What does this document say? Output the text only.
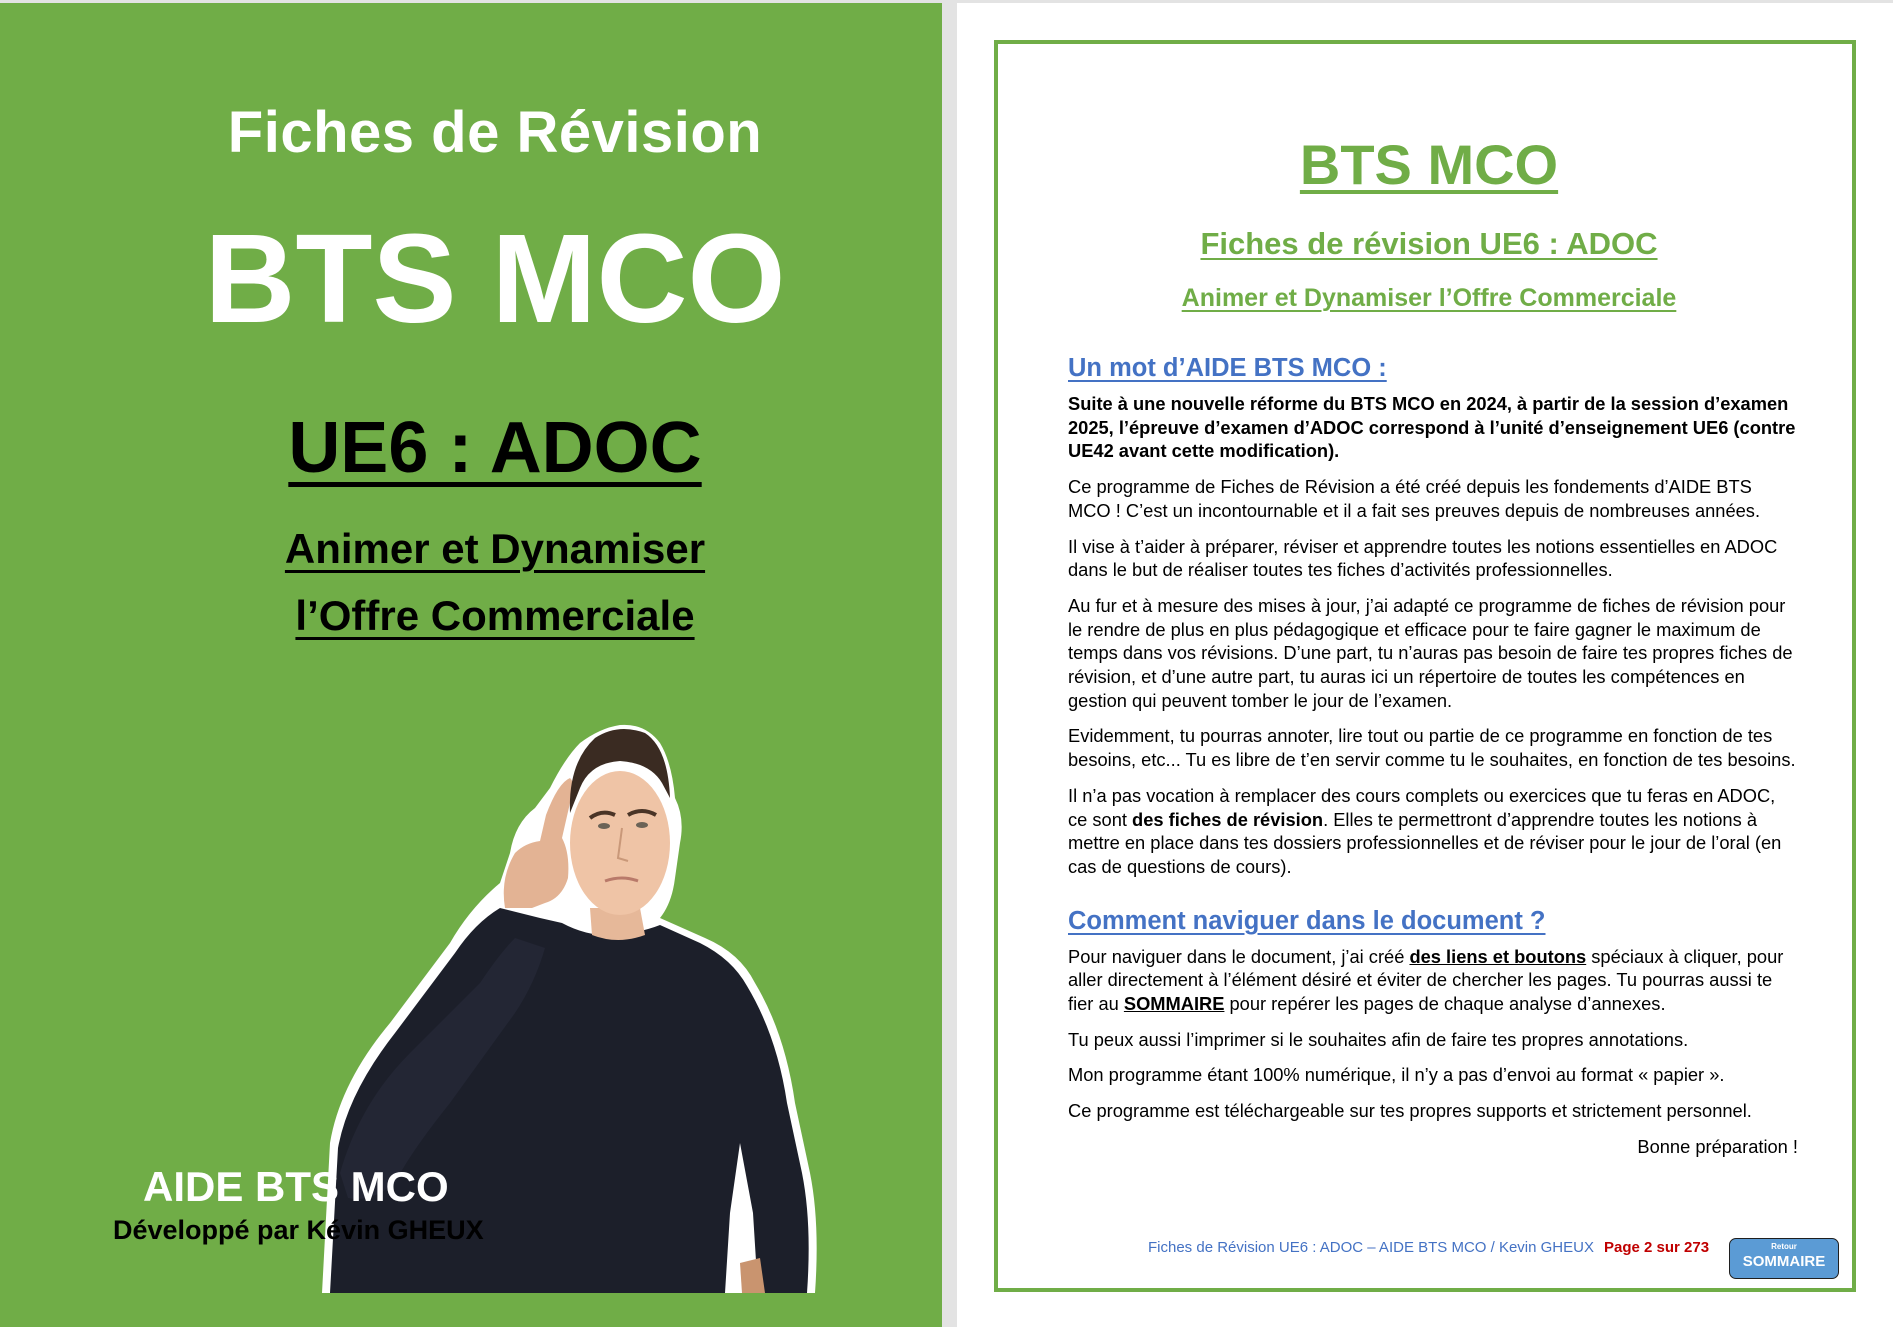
Fiches de Révision
BTS MCO
UE6 : ADOC
Animer et Dynamiser
l’Offre Commerciale
AIDE BTS MCO
Développé par Kévin GHEUX
BTS MCO
Fiches de révision UE6 : ADOC
Animer et Dynamiser l’Offre Commerciale
Un mot d’AIDE BTS MCO :

Suite à une nouvelle réforme du BTS MCO en 2024, à partir de la session d’examen 2025, l’épreuve d’examen d’ADOC correspond à l’unité d’enseignement UE6 (contre UE42 avant cette modification).

Ce programme de Fiches de Révision a été créé depuis les fondements d’AIDE BTS MCO ! C’est un incontournable et il a fait ses preuves depuis de nombreuses années.

Il vise à t’aider à préparer, réviser et apprendre toutes les notions essentielles en ADOC dans le but de réaliser toutes tes fiches d’activités professionnelles.

Au fur et à mesure des mises à jour, j’ai adapté ce programme de fiches de révision pour le rendre de plus en plus pédagogique et efficace pour te faire gagner le maximum de temps dans vos révisions. D’une part, tu n’auras pas besoin de faire tes propres fiches de révision, et d’une autre part, tu auras ici un répertoire de toutes les compétences en gestion qui peuvent tomber le jour de l’examen.

Evidemment, tu pourras annoter, lire tout ou partie de ce programme en fonction de tes besoins, etc... Tu es libre de t’en servir comme tu le souhaites, en fonction de tes besoins.

Il n’a pas vocation à remplacer des cours complets ou exercices que tu feras en ADOC, ce sont des fiches de révision. Elles te permettront d’apprendre toutes les notions à mettre en place dans tes dossiers professionnelles et de réviser pour le jour de l’oral (en cas de questions de cours).

Comment naviguer dans le document ?

Pour naviguer dans le document, j’ai créé des liens et boutons spéciaux à cliquer, pour aller directement à l’élément désiré et éviter de chercher les pages. Tu pourras aussi te fier au SOMMAIRE pour repérer les pages de chaque analyse d’annexes.

Tu peux aussi l’imprimer si le souhaites afin de faire tes propres annotations.

Mon programme étant 100% numérique, il n’y a pas d’envoi au format « papier ».

Ce programme est téléchargeable sur tes propres supports et strictement personnel.

Bonne préparation !

Fiches de Révision UE6 : ADOC – AIDE BTS MCO / Kevin GHEUX Page 2 sur 273	Retour
SOMMAIRE
